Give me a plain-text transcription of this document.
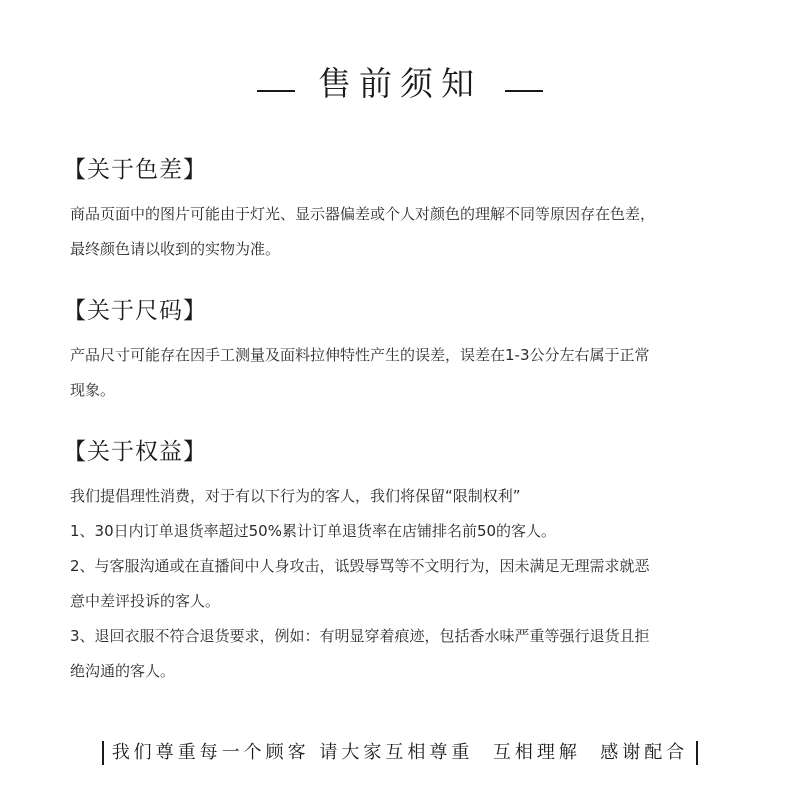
售前须知
【关于色差】

商品页面中的图片可能由于灯光、显示器偏差或个人对颜色的理解不同等原因存在色差，

最终颜色请以收到的实物为准。

【关于尺码】

产品尺寸可能存在因手工测量及面料拉伸特性产生的误差，误差在1-3公分左右属于正常

现象。

【关于权益】

我们提倡理性消费，对于有以下行为的客人，我们将保留“限制权利”

1、30日内订单退货率超过50%累计订单退货率在店铺排名前50的客人。

2、与客服沟通或在直播间中人身攻击，诋毁辱骂等不文明行为，因未满足无理需求就恶

意中差评投诉的客人。

3、退回衣服不符合退货要求，例如：有明显穿着痕迹，包括香水味严重等强行退货且拒

绝沟通的客人。

我们尊重每一个顾客 请大家互相尊重  互相理解  感谢配合
